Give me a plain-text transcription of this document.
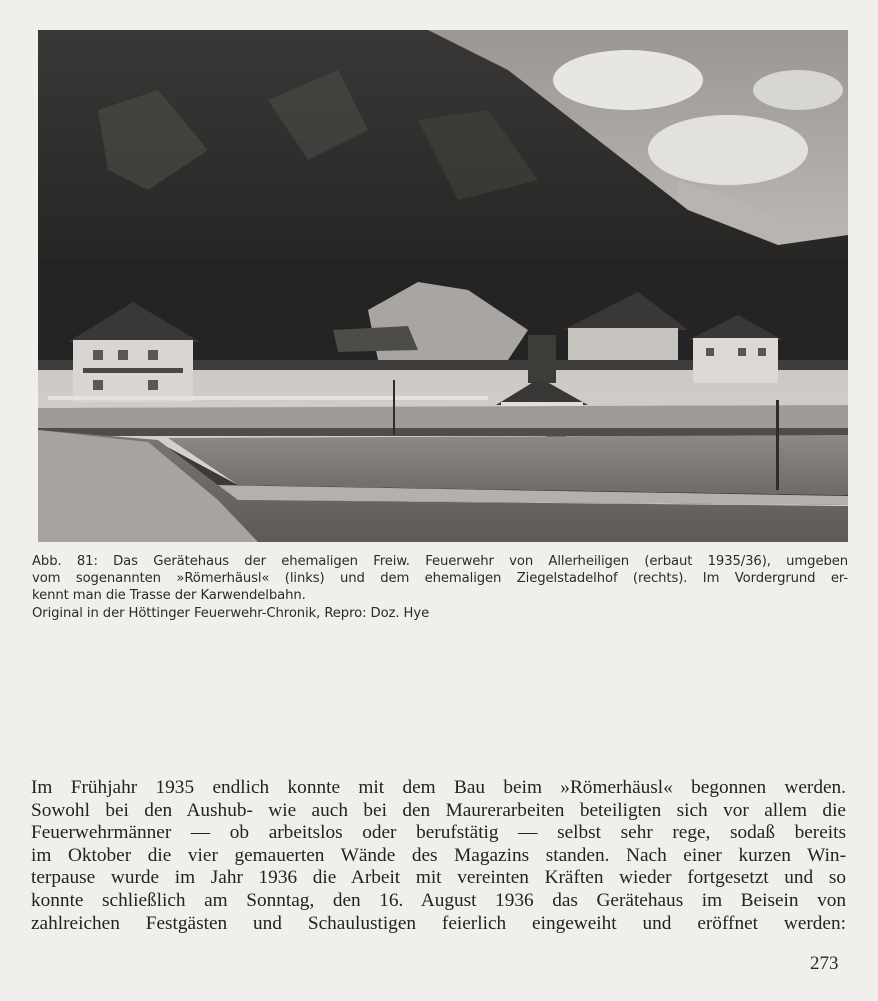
Abb. 81: Das Gerätehaus der ehemaligen Freiw. Feuerwehr von Allerheiligen (erbaut 1935/36), umgeben
vom sogenannten »Römerhäusl« (links) und dem ehemaligen Ziegelstadelhof (rechts). Im Vordergrund er-
kennt man die Trasse der Karwendelbahn.
Original in der Höttinger Feuerwehr-Chronik, Repro: Doz. Hye
Im Frühjahr 1935 endlich konnte mit dem Bau beim »Römerhäusl« begonnen werden.
Sowohl bei den Aushub- wie auch bei den Maurerarbeiten beteiligten sich vor allem die
Feuerwehrmänner — ob arbeitslos oder berufstätig — selbst sehr rege, sodaß bereits
im Oktober die vier gemauerten Wände des Magazins standen. Nach einer kurzen Win-
terpause wurde im Jahr 1936 die Arbeit mit vereinten Kräften wieder fortgesetzt und so
konnte schließlich am Sonntag, den 16. August 1936 das Gerätehaus im Beisein von
zahlreichen Festgästen und Schaulustigen feierlich eingeweiht und eröffnet werden:
273
